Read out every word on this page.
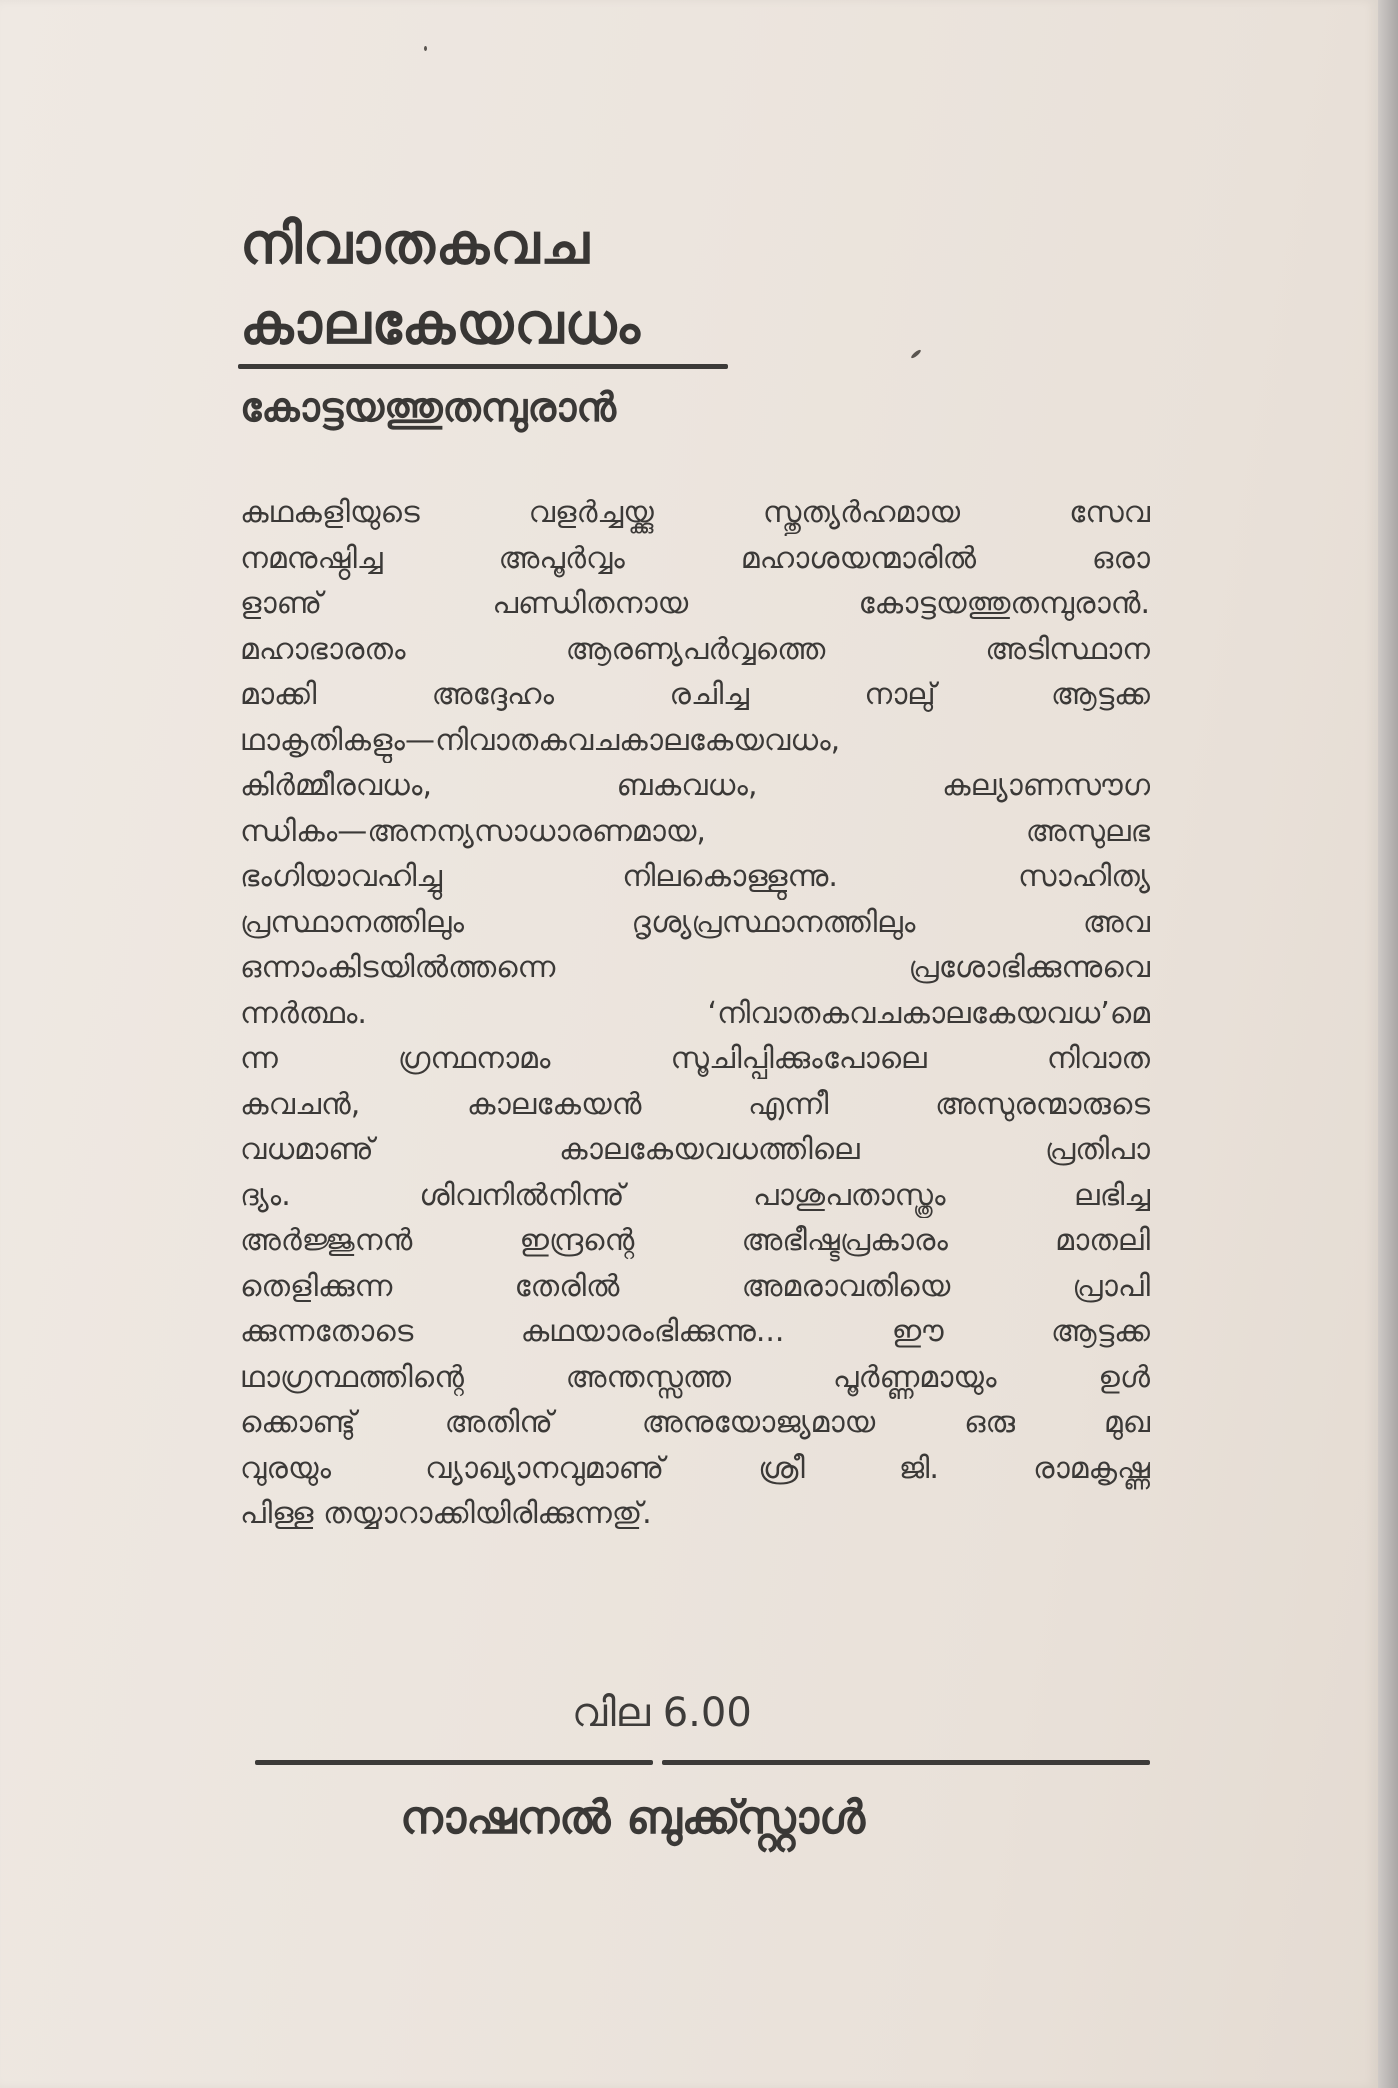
നിവാതകവച
കാലകേയവധം
കോട്ടയത്തുതമ്പുരാൻ
കഥകളിയുടെ വളർച്ചയ്ക്കു സ്തുത്യർഹമായ സേവ
നമനുഷ്ഠിച്ച അപൂർവ്വം മഹാശയന്മാരിൽ ഒരാ
ളാണു് പണ്ഡിതനായ കോട്ടയത്തുതമ്പുരാൻ.
മഹാഭാരതം ആരണ്യപർവ്വത്തെ അടിസ്ഥാന
മാക്കി അദ്ദേഹം രചിച്ച നാലു് ആട്ടക്ക
ഥാകൃതികളും—നിവാതകവചകാലകേയവധം,
കിർമ്മീരവധം, ബകവധം, കല്യാണസൗഗ
ന്ധികം—അനന്യസാധാരണമായ, അസുലഭ
ഭംഗിയാവഹിച്ചു നിലകൊള്ളുന്നു. സാഹിത്യ
പ്രസ്ഥാനത്തിലും ദൃശ്യപ്രസ്ഥാനത്തിലും അവ
ഒന്നാംകിടയിൽത്തന്നെ പ്രശോഭിക്കുന്നുവെ
ന്നർത്ഥം. ‘നിവാതകവചകാലകേയവധ’മെ
ന്ന ഗ്രന്ഥനാമം സൂചിപ്പിക്കുംപോലെ നിവാത
കവചൻ, കാലകേയൻ എന്നീ അസുരന്മാരുടെ
വധമാണു് കാലകേയവധത്തിലെ പ്രതിപാ
ദ്യം. ശിവനിൽനിന്നു് പാശുപതാസ്ത്രം ലഭിച്ച
അർജ്ജുനൻ ഇന്ദ്രന്റെ അഭീഷ്ടപ്രകാരം മാതലി
തെളിക്കുന്ന തേരിൽ അമരാവതിയെ പ്രാപി
ക്കുന്നതോടെ കഥയാരംഭിക്കുന്നു... ഈ ആട്ടക്ക
ഥാഗ്രന്ഥത്തിന്റെ അന്തസ്സത്ത പൂർണ്ണമായും ഉൾ
ക്കൊണ്ടു് അതിനു് അനുയോജ്യമായ ഒരു മുഖ
വുരയും വ്യാഖ്യാനവുമാണു് ശ്രീ ജി. രാമകൃഷ്ണ
പിള്ള തയ്യാറാക്കിയിരിക്കുന്നതു്.
വില 6.00
നാഷനൽ ബുക്ക്സ്റ്റാൾ
